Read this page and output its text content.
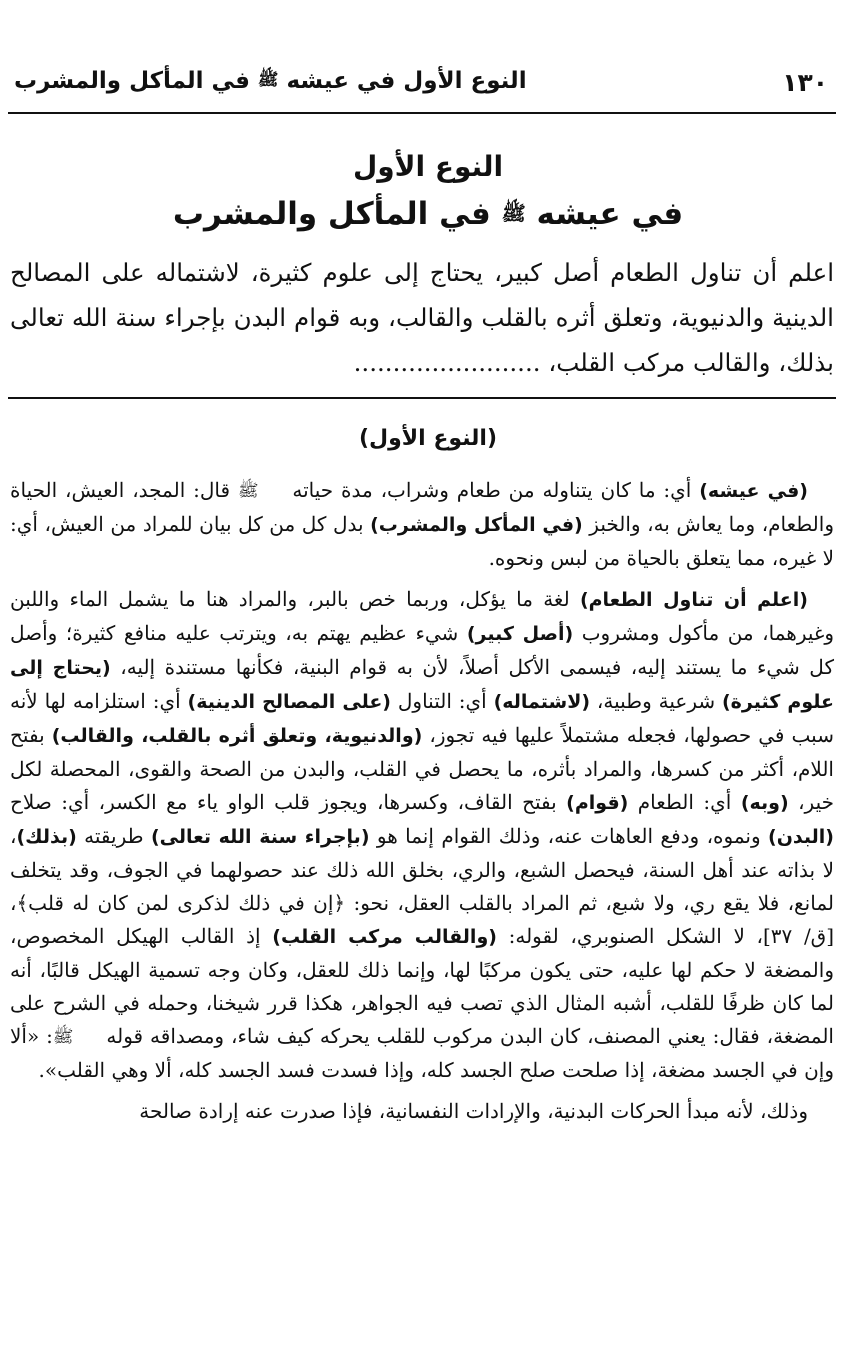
١٣٠
النوع الأول في عيشه ﷺ في المأكل والمشرب
النوع الأول
في عيشه ﷺ في المأكل والمشرب
اعلم أن تناول الطعام أصل كبير، يحتاج إلى علوم كثيرة، لاشتماله على المصالح الدينية والدنيوية، وتعلق أثره بالقلب والقالب، وبه قوام البدن بإجراء سنة الله تعالى بذلك، والقالب مركب القلب، ........................
(النوع الأول)

(في عيشه) أي: ما كان يتناوله من طعام وشراب، مدة حياته ﷺ قال: المجد، العيش، الحياة والطعام، وما يعاش به، والخبز (في المأكل والمشرب) بدل كل من كل بيان للمراد من العيش، أي: لا غيره، مما يتعلق بالحياة من لبس ونحوه.

(اعلم أن تناول الطعام) لغة ما يؤكل، وربما خص بالبر، والمراد هنا ما يشمل الماء واللبن وغيرهما، من مأكول ومشروب (أصل كبير) شيء عظيم يهتم به، ويترتب عليه منافع كثيرة؛ وأصل كل شيء ما يستند إليه، فيسمى الأكل أصلاً، لأن به قوام البنية، فكأنها مستندة إليه، (يحتاج إلى علوم كثيرة) شرعية وطبية، (لاشتماله) أي: التناول (على المصالح الدينية) أي: استلزامه لها لأنه سبب في حصولها، فجعله مشتملاً عليها فيه تجوز، (والدنيوية، وتعلق أثره بالقلب، والقالب) بفتح اللام، أكثر من كسرها، والمراد بأثره، ما يحصل في القلب، والبدن من الصحة والقوى، المحصلة لكل خير، (وبه) أي: الطعام (قوام) بفتح القاف، وكسرها، ويجوز قلب الواو ياء مع الكسر، أي: صلاح (البدن) ونموه، ودفع العاهات عنه، وذلك القوام إنما هو (بإجراء سنة الله تعالى) طريقته (بذلك)، لا بذاته عند أهل السنة، فيحصل الشبع، والري، بخلق الله ذلك عند حصولهما في الجوف، وقد يتخلف لمانع، فلا يقع ري، ولا شبع، ثم المراد بالقلب العقل، نحو: ﴿إن في ذلك لذكرى لمن كان له قلب﴾، [ق/ ٣٧]، لا الشكل الصنوبري، لقوله: (والقالب مركب القلب) إذ القالب الهيكل المخصوص، والمضغة لا حكم لها عليه، حتى يكون مركبًا لها، وإنما ذلك للعقل، وكان وجه تسمية الهيكل قالبًا، أنه لما كان ظرفًا للقلب، أشبه المثال الذي تصب فيه الجواهر، هكذا قرر شيخنا، وحمله في الشرح على المضغة، فقال: يعني المصنف، كان البدن مركوب للقلب يحركه كيف شاء، ومصداقه قوله ﷺ: «ألا وإن في الجسد مضغة، إذا صلحت صلح الجسد كله، وإذا فسدت فسد الجسد كله، ألا وهي القلب».

وذلك، لأنه مبدأ الحركات البدنية، والإرادات النفسانية، فإذا صدرت عنه إرادة صالحة
